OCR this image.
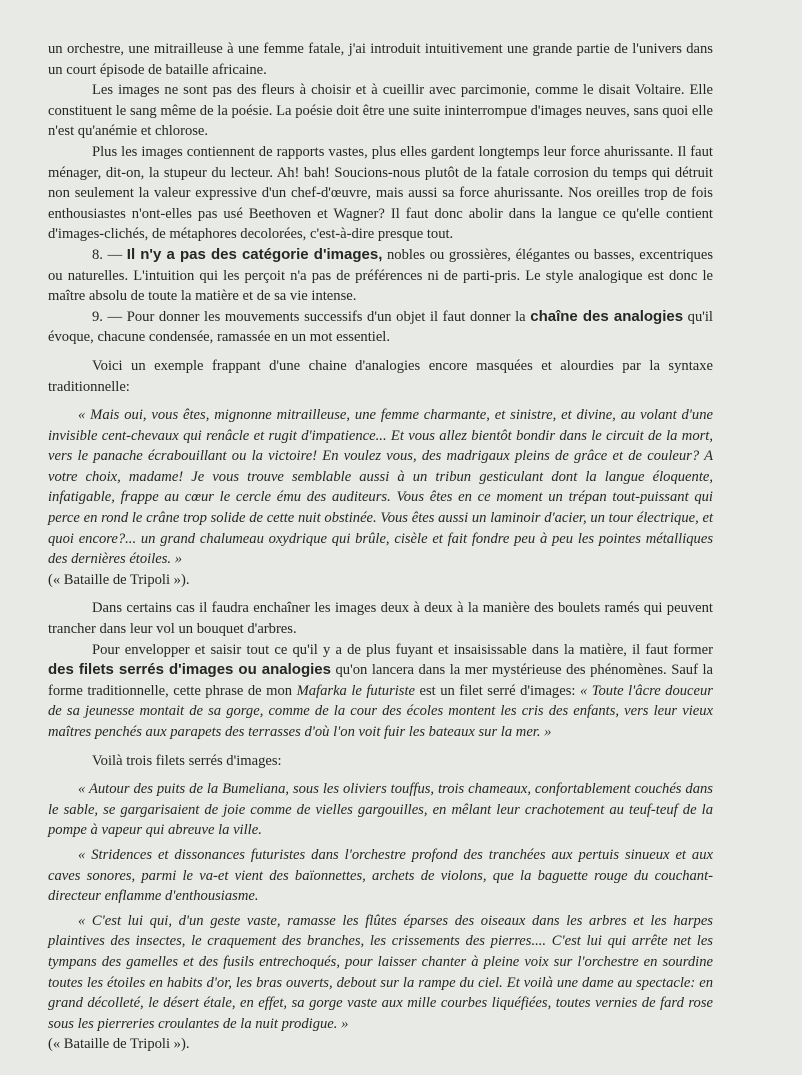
un orchestre, une mitrailleuse à une femme fatale, j'ai introduit intuitivement une grande partie de l'univers dans un court épisode de bataille africaine.

Les images ne sont pas des fleurs à choisir et à cueillir avec parcimonie, comme le disait Voltaire. Elle constituent le sang même de la poésie. La poésie doit être une suite ininterrompue d'images neuves, sans quoi elle n'est qu'anémie et chlorose.

Plus les images contiennent de rapports vastes, plus elles gardent longtemps leur force ahurissante. Il faut ménager, dit-on, la stupeur du lecteur. Ah! bah! Soucions-nous plutôt de la fatale corrosion du temps qui détruit non seulement la valeur expressive d'un chef-d'œuvre, mais aussi sa force ahurissante. Nos oreilles trop de fois enthousiastes n'ont-elles pas usé Beethoven et Wagner? Il faut donc abolir dans la langue ce qu'elle contient d'images-clichés, de métaphores decolorées, c'est-à-dire presque tout.

8. — Il n'y a pas des catégorie d'images, nobles ou grossières, élégantes ou basses, excentriques ou naturelles. L'intuition qui les perçoit n'a pas de préférences ni de parti-pris. Le style analogique est donc le maître absolu de toute la matière et de sa vie intense.

9. — Pour donner les mouvements successifs d'un objet il faut donner la chaîne des analogies qu'il évoque, chacune condensée, ramassée en un mot essentiel.

Voici un exemple frappant d'une chaine d'analogies encore masquées et alourdies par la syntaxe traditionnelle:

« Mais oui, vous êtes, mignonne mitrailleuse, une femme charmante, et sinistre, et divine, au volant d'une invisible cent-chevaux qui renâcle et rugit d'impatience... Et vous allez bientôt bondir dans le circuit de la mort, vers le panache écrabouillant ou la victoire! En voulez vous, des madrigaux pleins de grâce et de couleur? A votre choix, madame! Je vous trouve semblable aussi à un tribun gesticulant dont la langue éloquente, infatigable, frappe au cœur le cercle ému des auditeurs. Vous êtes en ce moment un trépan tout-puissant qui perce en rond le crâne trop solide de cette nuit obstinée. Vous êtes aussi un laminoir d'acier, un tour électrique, et quoi encore?... un grand chalumeau oxydrique qui brûle, cisèle et fait fondre peu à peu les pointes métalliques des dernières étoiles. »

(« Bataille de Tripoli »).

Dans certains cas il faudra enchaîner les images deux à deux à la manière des boulets ramés qui peuvent trancher dans leur vol un bouquet d'arbres.

Pour envelopper et saisir tout ce qu'il y a de plus fuyant et insaisissable dans la matière, il faut former des filets serrés d'images ou analogies qu'on lancera dans la mer mystérieuse des phénomènes. Sauf la forme traditionnelle, cette phrase de mon Mafarka le futuriste est un filet serré d'images: « Toute l'âcre douceur de sa jeunesse montait de sa gorge, comme de la cour des écoles montent les cris des enfants, vers leur vieux maîtres penchés aux parapets des terrasses d'où l'on voit fuir les bateaux sur la mer. »

Voilà trois filets serrés d'images:

« Autour des puits de la Bumeliana, sous les oliviers touffus, trois chameaux, confortablement couchés dans le sable, se gargarisaient de joie comme de vielles gargouilles, en mêlant leur crachotement au teuf-teuf de la pompe à vapeur qui abreuve la ville.

« Stridences et dissonances futuristes dans l'orchestre profond des tranchées aux pertuis sinueux et aux caves sonores, parmi le va-et vient des baïonnettes, archets de violons, que la baguette rouge du couchant-directeur enflamme d'enthousiasme.

« C'est lui qui, d'un geste vaste, ramasse les flûtes éparses des oiseaux dans les arbres et les harpes plaintives des insectes, le craquement des branches, les crissements des pierres.... C'est lui qui arrête net les tympans des gamelles et des fusils entrechoqués, pour laisser chanter à pleine voix sur l'orchestre en sourdine toutes les étoiles en habits d'or, les bras ouverts, debout sur la rampe du ciel. Et voilà une dame au spectacle: en grand décolleté, le désert étale, en effet, sa gorge vaste aux mille courbes liquéfiées, toutes vernies de fard rose sous les pierreries croulantes de la nuit prodigue. »

(« Bataille de Tripoli »).
